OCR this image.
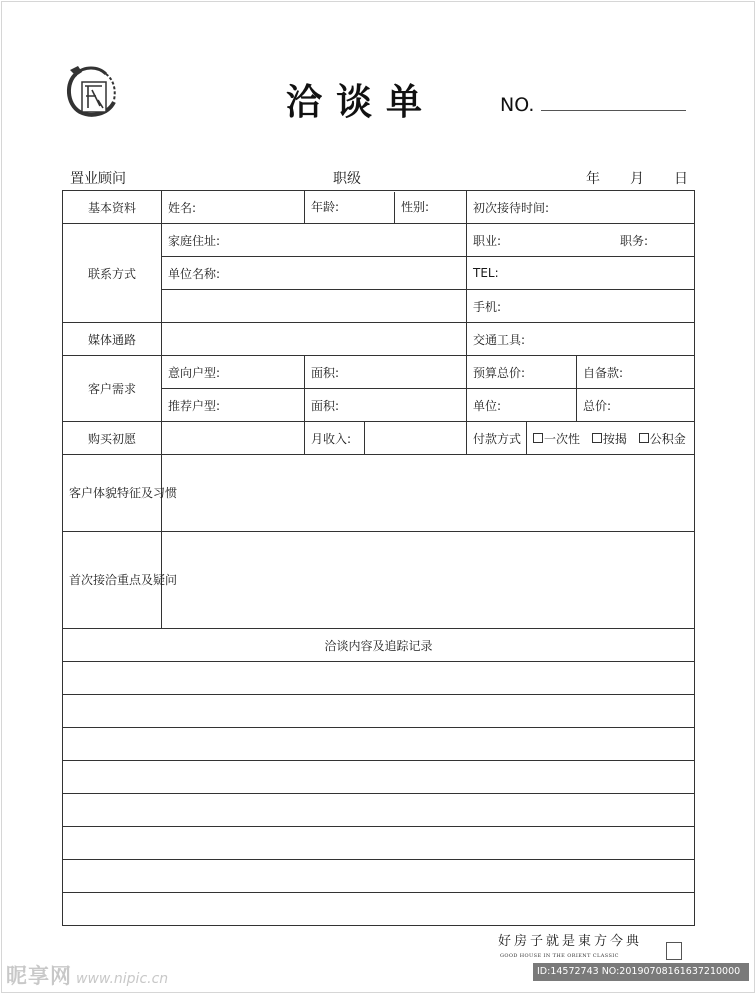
洽谈单	NO.
置业顾问	职级	年	月	日
基本资料	姓名:	年龄: 性别:		初次接待时间:		
联系方式	家庭住址:			职业: 职务:		

	单位名称:			TEL:		
				手机:		
媒体通路				交通工具:		
客户需求	意向户型:	面积:		预算总价:		自备款:
	推荐户型:	面积:		单位:		总价:
购买初愿		月收入:		付款方式	一次性 按揭 公积金	
客户体貌特征及习惯						
首次接洽重点及疑问						
洽谈内容及追踪记录						

好房子就是東方今典
GOOD HOUSE IN THE ORIENT CLASSIC
昵享网 www.nipic.cn	ID:14572743 NO:20190708161637210000
